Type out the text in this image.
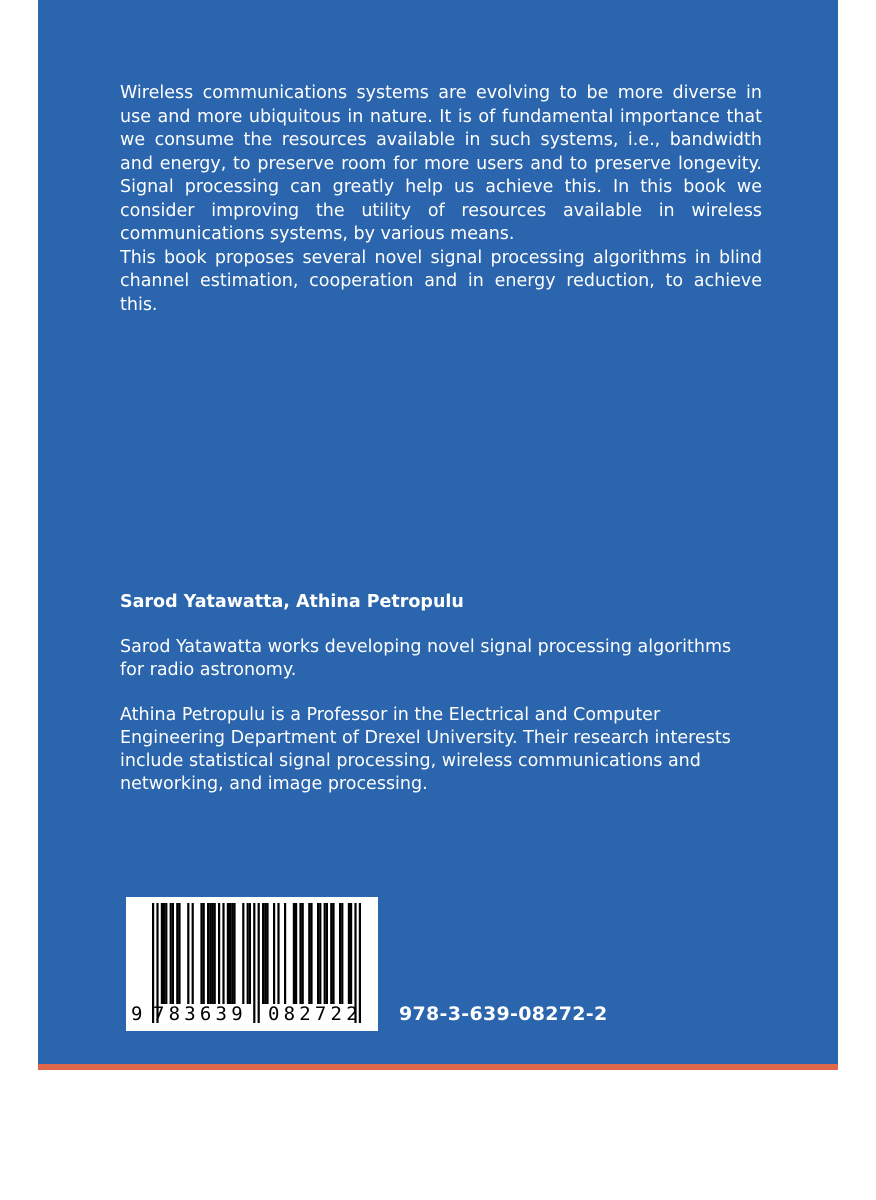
Wireless communications systems are evolving to be more diverse in use and more ubiquitous in nature. It is of fundamental importance that we consume the resources available in such systems, i.e., bandwidth and energy, to preserve room for more users and to preserve longevity. Signal processing can greatly help us achieve this. In this book we consider improving the utility of resources available in wireless communications systems, by various means.

This book proposes several novel signal processing algorithms in blind channel estimation, cooperation and in energy reduction, to achieve this.

Sarod Yatawatta, Athina Petropulu

Sarod Yatawatta works developing novel signal processing algorithms for radio astronomy.

Athina Petropulu is a Professor in the Electrical and Computer Engineering Department of Drexel University. Their research interests include statistical signal processing, wireless communications and networking, and image processing.

9 783639 082722 978-3-639-08272-2
